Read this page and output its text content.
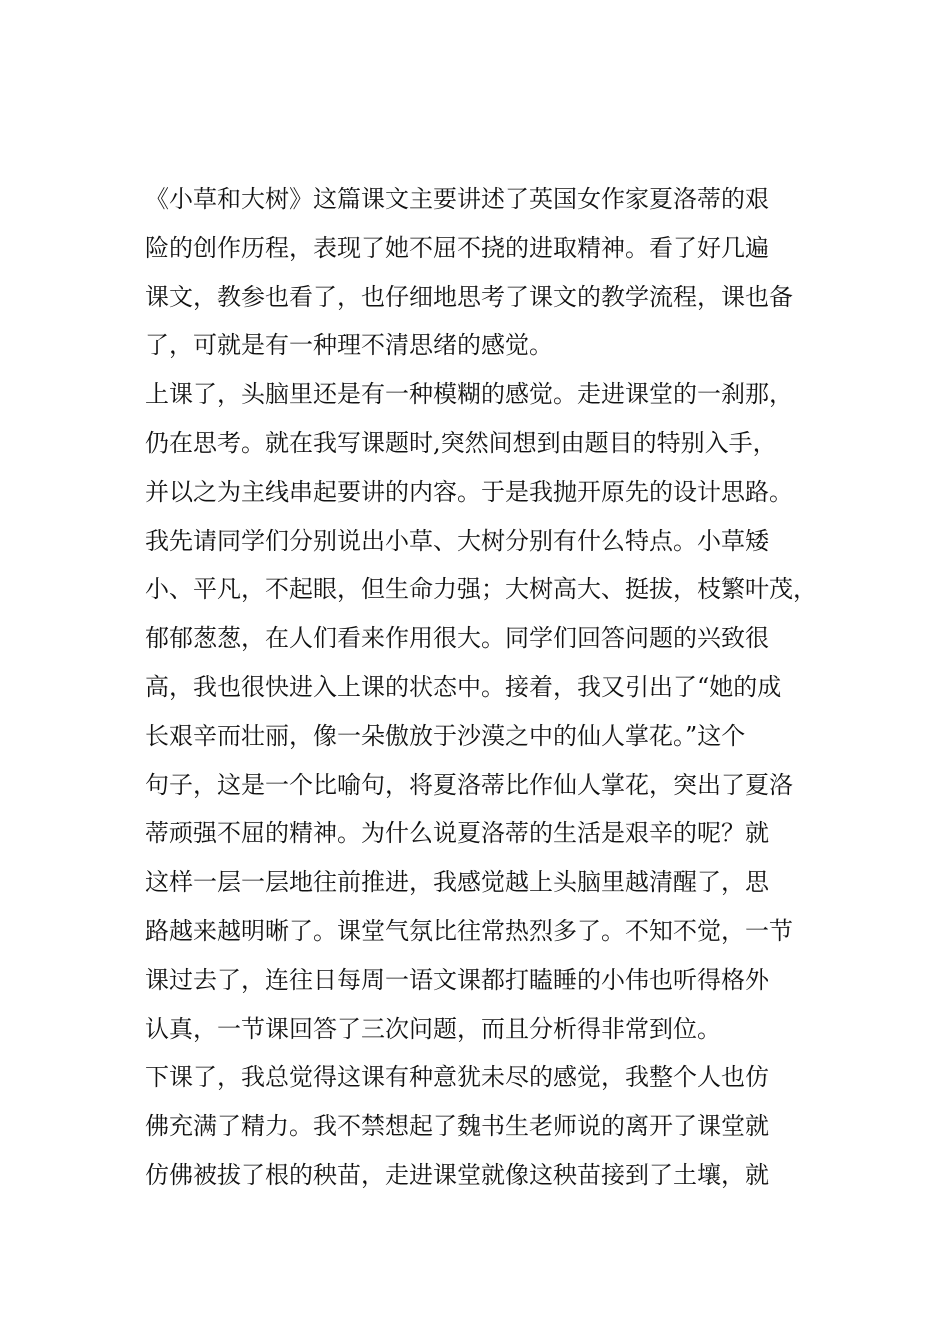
《小草和大树》这篇课文主要讲述了英国女作家夏洛蒂的艰
险的创作历程，表现了她不屈不挠的进取精神。看了好几遍
课文，教参也看了，也仔细地思考了课文的教学流程，课也备
了，可就是有一种理不清思绪的感觉。
上课了，头脑里还是有一种模糊的感觉。走进课堂的一刹那，
仍在思考。就在我写课题时,突然间想到由题目的特别入手，
并以之为主线串起要讲的内容。于是我抛开原先的设计思路。
我先请同学们分别说出小草、大树分别有什么特点。小草矮
小、平凡，不起眼，但生命力强；大树高大、挺拔，枝繁叶茂，
郁郁葱葱，在人们看来作用很大。同学们回答问题的兴致很
高，我也很快进入上课的状态中。接着，我又引出了“她的成
长艰辛而壮丽，像一朵傲放于沙漠之中的仙人掌花。”这个
句子，这是一个比喻句，将夏洛蒂比作仙人掌花，突出了夏洛
蒂顽强不屈的精神。为什么说夏洛蒂的生活是艰辛的呢？就
这样一层一层地往前推进，我感觉越上头脑里越清醒了，思
路越来越明晰了。课堂气氛比往常热烈多了。不知不觉，一节
课过去了，连往日每周一语文课都打瞌睡的小伟也听得格外
认真，一节课回答了三次问题，而且分析得非常到位。
下课了，我总觉得这课有种意犹未尽的感觉，我整个人也仿
佛充满了精力。我不禁想起了魏书生老师说的离开了课堂就
仿佛被拔了根的秧苗，走进课堂就像这秧苗接到了土壤，就
